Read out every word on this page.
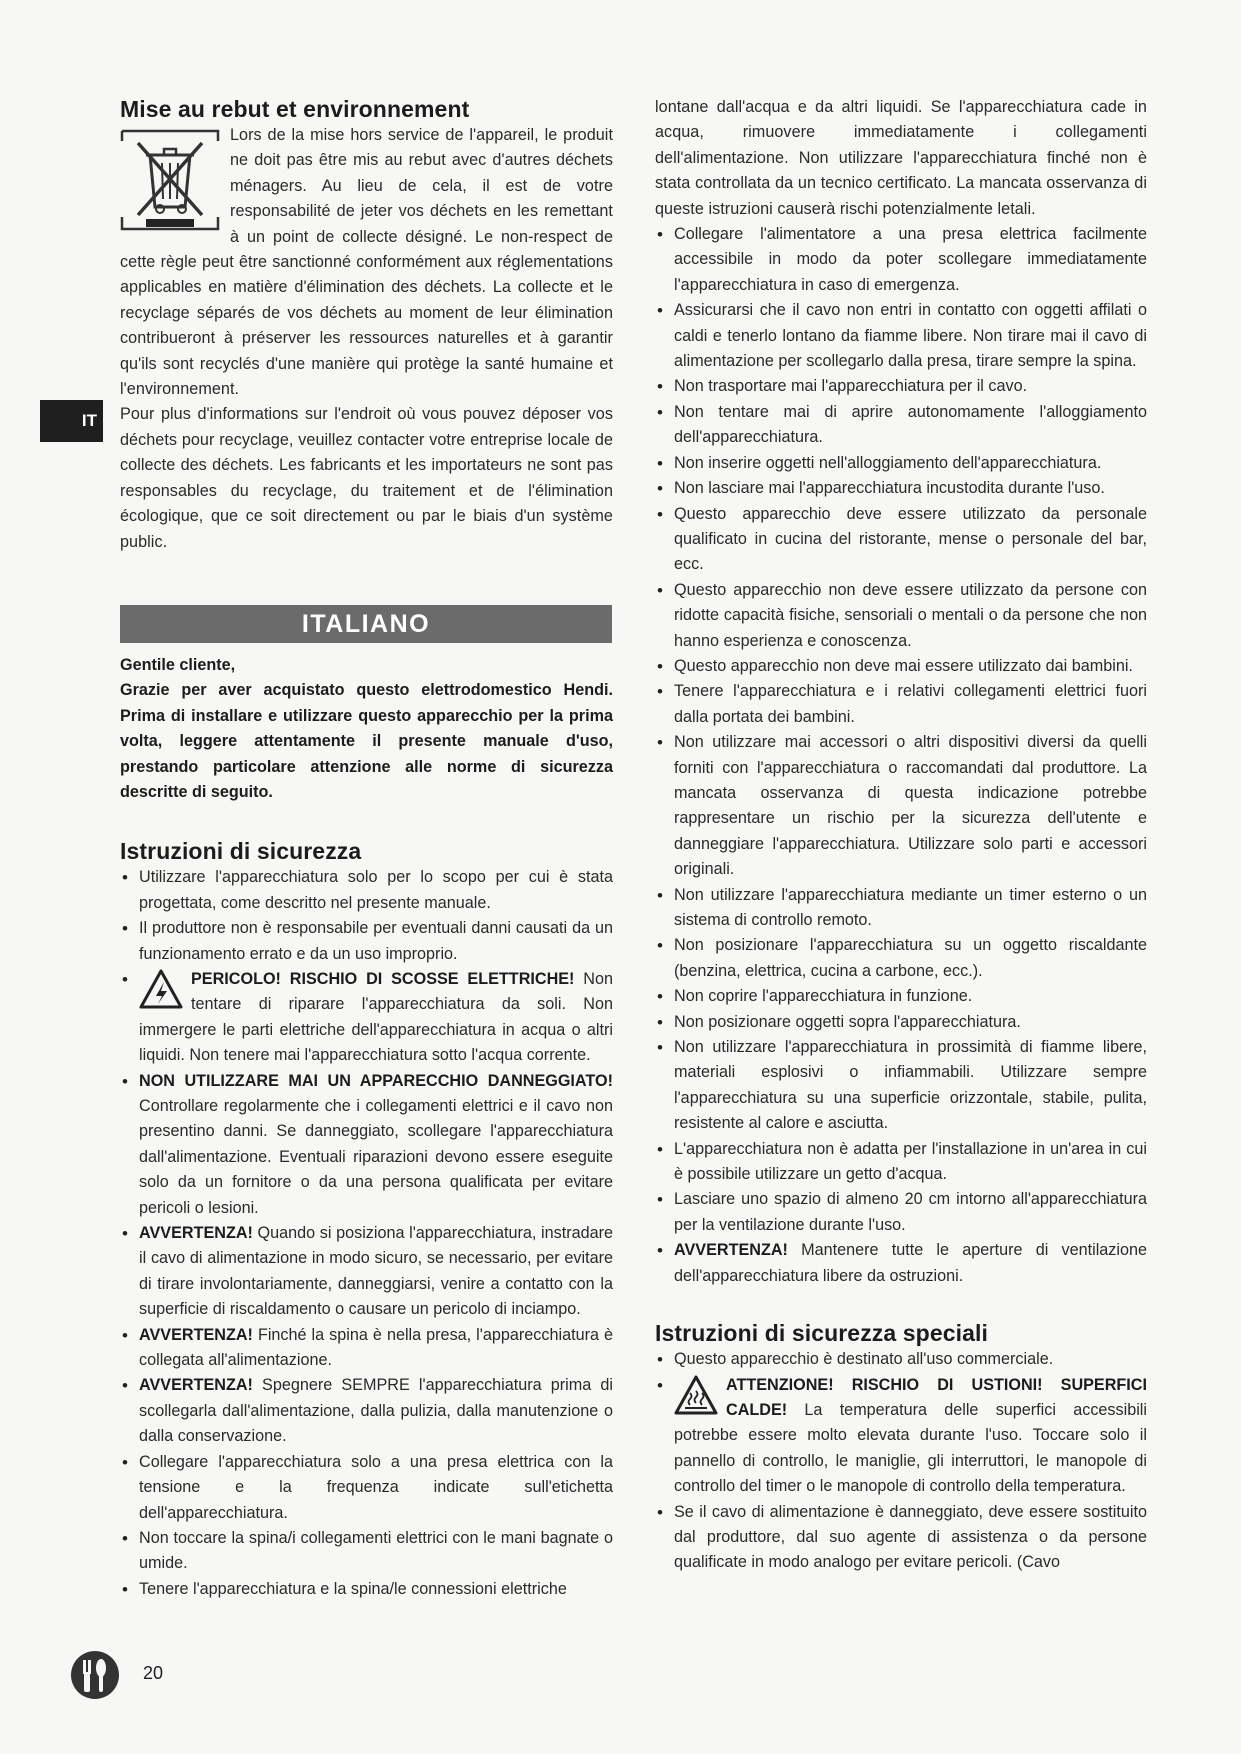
IT
Mise au rebut et environnement

Lors de la mise hors service de l'appareil, le produit ne doit pas être mis au rebut avec d'autres déchets ménagers. Au lieu de cela, il est de votre responsabilité de jeter vos déchets en les remettant à un point de collecte désigné. Le non-respect de cette règle peut être sanctionné conformément aux réglementations applicables en matière d'élimination des déchets. La collecte et le recyclage séparés de vos déchets au moment de leur élimination contribueront à préserver les ressources naturelles et à garantir qu'ils sont recyclés d'une manière qui protège la santé humaine et l'environnement.

Pour plus d'informations sur l'endroit où vous pouvez déposer vos déchets pour recyclage, veuillez contacter votre entreprise locale de collecte des déchets. Les fabricants et les importateurs ne sont pas responsables du recyclage, du traitement et de l'élimination écologique, que ce soit directement ou par le biais d'un système public.

ITALIANO

Gentile cliente,

Grazie per aver acquistato questo elettrodomestico Hendi. Prima di installare e utilizzare questo apparecchio per la prima volta, leggere attentamente il presente manuale d'uso, prestando particolare attenzione alle norme di sicurezza descritte di seguito.

Istruzioni di sicurezza
• Utilizzare l'apparecchiatura solo per lo scopo per cui è stata progettata, come descritto nel presente manuale.
• Il produttore non è responsabile per eventuali danni causati da un funzionamento errato e da un uso improprio.
• PERICOLO! RISCHIO DI SCOSSE ELETTRICHE! Non tentare di riparare l'apparecchiatura da soli. Non immergere le parti elettriche dell'apparecchiatura in acqua o altri liquidi. Non tenere mai l'apparecchiatura sotto l'acqua corrente.
• NON UTILIZZARE MAI UN APPARECCHIO DANNEGGIATO! Controllare regolarmente che i collegamenti elettrici e il cavo non presentino danni. Se danneggiato, scollegare l'apparecchiatura dall'alimentazione. Eventuali riparazioni devono essere eseguite solo da un fornitore o da una persona qualificata per evitare pericoli o lesioni.
• AVVERTENZA! Quando si posiziona l'apparecchiatura, instradare il cavo di alimentazione in modo sicuro, se necessario, per evitare di tirare involontariamente, danneggiarsi, venire a contatto con la superficie di riscaldamento o causare un pericolo di inciampo.
• AVVERTENZA! Finché la spina è nella presa, l'apparecchiatura è collegata all'alimentazione.
• AVVERTENZA! Spegnere SEMPRE l'apparecchiatura prima di scollegarla dall'alimentazione, dalla pulizia, dalla manutenzione o dalla conservazione.
• Collegare l'apparecchiatura solo a una presa elettrica con la tensione e la frequenza indicate sull'etichetta dell'apparecchiatura.
• Non toccare la spina/i collegamenti elettrici con le mani bagnate o umide.
• Tenere l'apparecchiatura e la spina/le connessioni elettriche

lontane dall'acqua e da altri liquidi. Se l'apparecchiatura cade in acqua, rimuovere immediatamente i collegamenti dell'alimentazione. Non utilizzare l'apparecchiatura finché non è stata controllata da un tecnico certificato. La mancata osservanza di queste istruzioni causerà rischi potenzialmente letali.

• Collegare l'alimentatore a una presa elettrica facilmente accessibile in modo da poter scollegare immediatamente l'apparecchiatura in caso di emergenza.
• Assicurarsi che il cavo non entri in contatto con oggetti affilati o caldi e tenerlo lontano da fiamme libere. Non tirare mai il cavo di alimentazione per scollegarlo dalla presa, tirare sempre la spina.
• Non trasportare mai l'apparecchiatura per il cavo.
• Non tentare mai di aprire autonomamente l'alloggiamento dell'apparecchiatura.
• Non inserire oggetti nell'alloggiamento dell'apparecchiatura.
• Non lasciare mai l'apparecchiatura incustodita durante l'uso.
• Questo apparecchio deve essere utilizzato da personale qualificato in cucina del ristorante, mense o personale del bar, ecc.
• Questo apparecchio non deve essere utilizzato da persone con ridotte capacità fisiche, sensoriali o mentali o da persone che non hanno esperienza e conoscenza.
• Questo apparecchio non deve mai essere utilizzato dai bambini.
• Tenere l'apparecchiatura e i relativi collegamenti elettrici fuori dalla portata dei bambini.
• Non utilizzare mai accessori o altri dispositivi diversi da quelli forniti con l'apparecchiatura o raccomandati dal produttore. La mancata osservanza di questa indicazione potrebbe rappresentare un rischio per la sicurezza dell'utente e danneggiare l'apparecchiatura. Utilizzare solo parti e accessori originali.
• Non utilizzare l'apparecchiatura mediante un timer esterno o un sistema di controllo remoto.
• Non posizionare l'apparecchiatura su un oggetto riscaldante (benzina, elettrica, cucina a carbone, ecc.).
• Non coprire l'apparecchiatura in funzione.
• Non posizionare oggetti sopra l'apparecchiatura.
• Non utilizzare l'apparecchiatura in prossimità di fiamme libere, materiali esplosivi o infiammabili. Utilizzare sempre l'apparecchiatura su una superficie orizzontale, stabile, pulita, resistente al calore e asciutta.
• L'apparecchiatura non è adatta per l'installazione in un'area in cui è possibile utilizzare un getto d'acqua.
• Lasciare uno spazio di almeno 20 cm intorno all'apparecchiatura per la ventilazione durante l'uso.
• AVVERTENZA! Mantenere tutte le aperture di ventilazione dell'apparecchiatura libere da ostruzioni.
Istruzioni di sicurezza speciali
• Questo apparecchio è destinato all'uso commerciale.
• ATTENZIONE! RISCHIO DI USTIONI! SUPERFICI CALDE! La temperatura delle superfici accessibili potrebbe essere molto elevata durante l'uso. Toccare solo il pannello di controllo, le maniglie, gli interruttori, le manopole di controllo del timer o le manopole di controllo della temperatura.
• Se il cavo di alimentazione è danneggiato, deve essere sostituito dal produttore, dal suo agente di assistenza o da persone qualificate in modo analogo per evitare pericoli. (Cavo
20
